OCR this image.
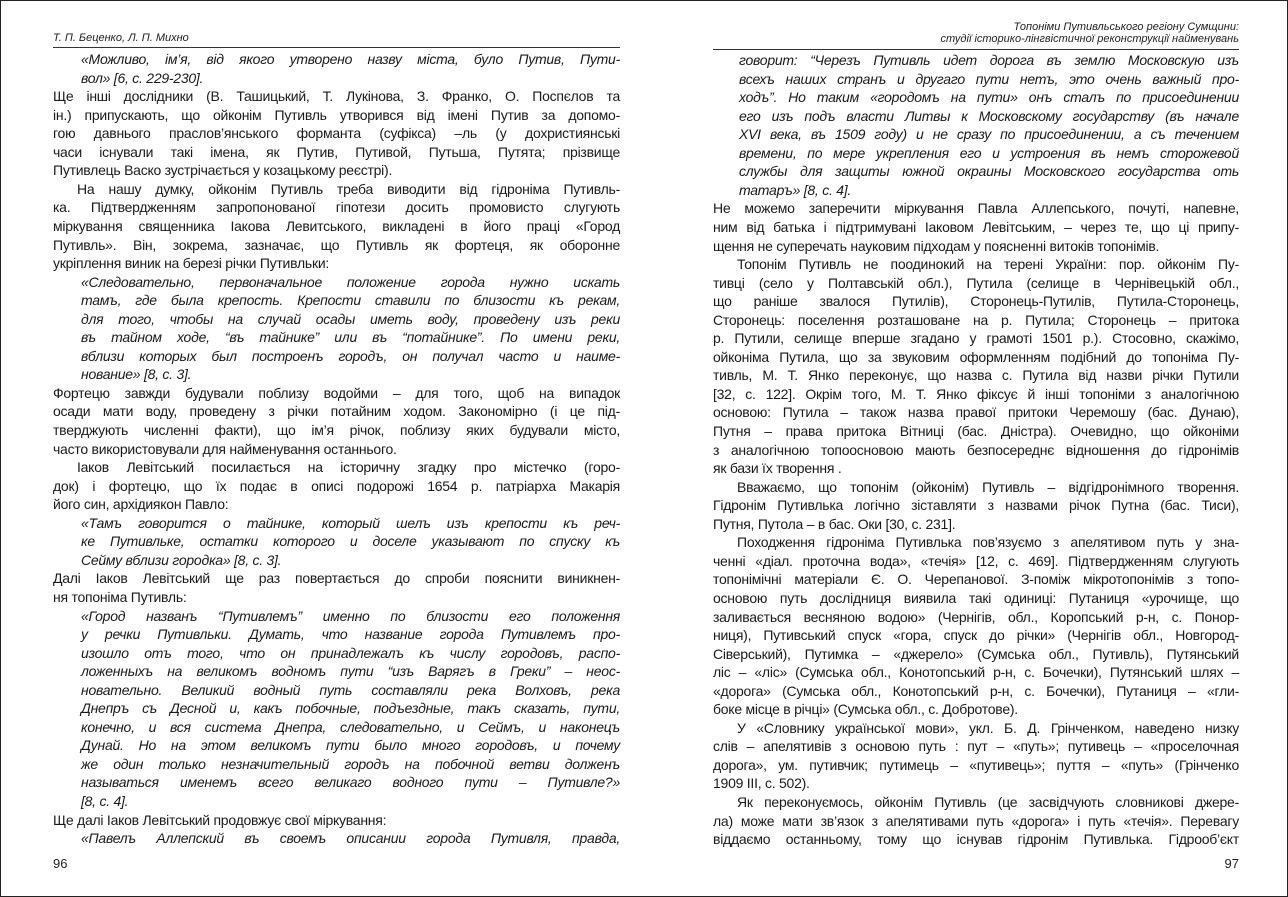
Т. П. Беценко, Л. П. Михно
96
«Можливо, ім’я, від якого утворено назву міста, було Путив, Пути-
вол» [6, с. 229-230].
Ще інші дослідники (В. Ташицький, Т. Лукінова, З. Франко, О. Поспєлов та
ін.) припускають, що ойконім Путивль утворився від імені Путив за допомо-
гою давнього праслов’янського форманта (суфікса) –ль (у дохристиянські
часи існували такі імена, як Путив, Путивой, Путьша, Путята; прізвище
Путивлець Васко зустрічається у козацькому реєстрі).
На нашу думку, ойконім Путивль треба виводити від гідроніма Путивль-
ка. Підтвердженням запропонованої гіпотези досить промовисто слугують
міркування священника Іакова Левитського, викладені в його праці «Город
Путивль». Він, зокрема, зазначає, що Путивль як фортеця, як оборонне
укріплення виник на березі річки Путивльки:
«Следовательно, первоначальное положение города нужно искать
тамъ, где была крепость. Крепости ставили по близости къ рекам,
для того, чтобы на случай осады иметь воду, проведену изъ реки
въ тайном ходе, “въ тайнике” или въ “потайнике”. По имени реки,
вблизи которых был построенъ городъ, он получал часто и наиме-
нование» [8, с. 3].
Фортецю завжди будували поблизу водойми – для того, щоб на випадок
осади мати воду, проведену з річки потайним ходом. Закономірно (і це під-
тверджують численні факти), що ім’я річок, поблизу яких будували місто,
часто використовували для найменування останнього.
Іаков Левітський посилається на історичну згадку про містечко (горо-
док) і фортецю, що їх подає в описі подорожі 1654 р. патріарха Макарія
його син, архідиякон Павло:
«Тамъ говорится о тайнике, который шелъ изъ крепости къ реч-
ке Путивльке, остатки которого и доселе указывают по спуску къ
Сейму вблизи городка» [8, с. 3].
Далі Іаков Левітський ще раз повертається до спроби пояснити виникнен-
ня топоніма Путивль:
«Город названъ “Путивлемъ” именно по близости его положення
у речки Путивльки. Думать, что название города Путивлемъ про-
изошло отъ того, что он принадлежалъ къ числу городовъ, распо-
ложенныхъ на великомъ водномъ пути “изъ Варягъ в Греки” – неос-
новательно. Великий водный путь составляли река Волховъ, река
Днепръ съ Десной и, какъ побочные, подъездные, такъ сказать, пути,
конечно, и вся система Днепра, следовательно, и Сеймъ, и наконецъ
Дунай. Но на этом великомъ пути было много городовъ, и почему
же один только незначительный городъ на побочной ветви долженъ
называться именемъ всего великаго водного пути – Путивле?»
[8, с. 4].
Ще далі Іаков Левітський продовжує свої міркування:
«Павелъ Аллепский въ своемъ описании города Путивля, правда,
Топоніми Путивльського регіону Сумщини:
студії історико-лінгвістичної реконструкції найменувань
97
говорит: “Черезъ Путивль идет дорога въ землю Московскую изъ
всехъ наших странъ и другаго пути нетъ, это очень важный про-
ходъ”. Но таким «городомъ на пути» онъ сталъ по присоединении
его изъ подъ власти Литвы к Московскому государству (въ начале
XVI века, въ 1509 году) и не сразу по присоединении, а съ течением
времени, по мере укрепления его и устроения въ немъ сторожевой
службы для защиты южной окраины Московского государства оть
татаръ» [8, с. 4].
Не можемо заперечити міркування Павла Аллепського, почуті, напевне,
ним від батька і підтримувані Іаковом Левітським, – через те, що ці припу-
щення не суперечать науковим підходам у поясненні витоків топонімів.
Топонім Путивль не поодинокий на терені України: пор. ойконім Пу-
тивці (село у Полтавській обл.), Путила (селище в Чернівецькій обл.,
що раніше звалося Путилів), Сторонець-Путилів, Путила-Сторонець,
Сторонець: поселення розташоване на р. Путила; Сторонець – притока
р. Путили, селище вперше згадано у грамоті 1501 р.). Стосовно, скажімо,
ойконіма Путила, що за звуковим оформленням подібний до топоніма Пу-
тивль, М. Т. Янко переконує, що назва с. Путила від назви річки Путили
[32, с. 122]. Окрім того, М. Т. Янко фіксує й інші топоніми з аналогічною
основою: Путила – також назва правої притоки Черемошу (бас. Дунаю),
Путня – права притока Вітниці (бас. Дністра). Очевидно, що ойконіми
з аналогічною топоосновою мають безпосереднє відношення до гідронімів
як бази їх творення .
Вважаємо, що топонім (ойконім) Путивль – відгідронімного творення.
Гідронім Путивлька логічно зіставляти з назвами річок Путна (бас. Тиси),
Путня, Путола – в бас. Оки [30, с. 231].
Походження гідроніма Путивлька пов’язуємо з апелятивом путь у зна-
ченні «діал. проточна вода», «течія» [12, с. 469]. Підтвердженням слугують
топонімічні матеріали Є. О. Черепанової. З-поміж мікротопонімів з топо-
основою путь дослідниця виявила такі одиниці: Путаниця «урочище, що
заливається весняною водою» (Чернігів, обл., Коропський р-н, с. Понор-
ниця), Путивський спуск «гора, спуск до річки» (Чернігів обл., Новгород-
Сіверський), Путимка – «джерело» (Сумська обл., Путивль), Путянський
ліс – «ліс» (Сумська обл., Конотопський р-н, с. Бочечки), Путянський шлях –
«дорога» (Сумська обл., Конотопський р-н, с. Бочечки), Путаниця – «гли-
боке місце в річці» (Сумська обл., с. Добротове).
У «Словнику української мови», укл. Б. Д. Грінченком, наведено низку
слів – апелятивів з основою путь : пут – «путь»; путивець – «проселочная
дорога», ум. путивчик; путимець – «путивець»; пуття – «путь» (Грінченко
1909 ІІІ, с. 502).
Як переконуємось, ойконім Путивль (це засвідчують словникові джере-
ла) може мати зв’язок з апелятивами путь «дорога» і путь «течія». Перевагу
віддаємо останньому, тому що існував гідронім Путивлька. Гідрооб’єкт
